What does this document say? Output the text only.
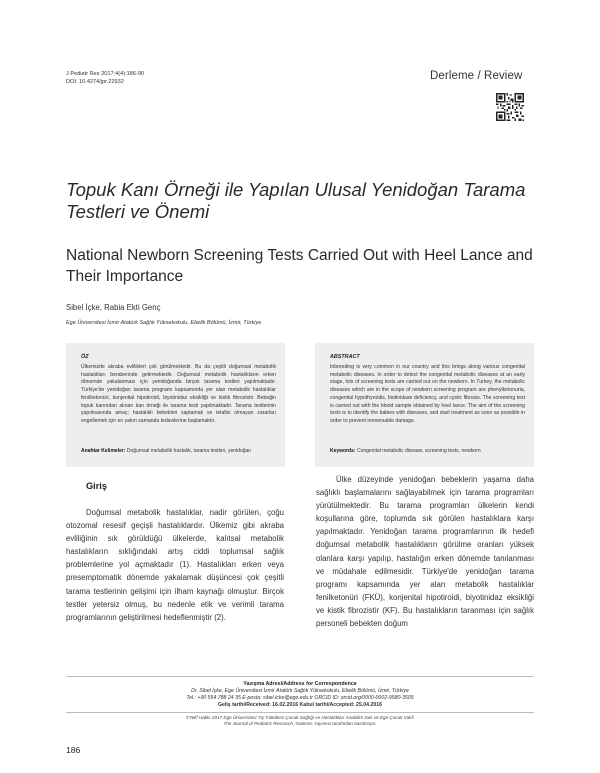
J Pediatr Res 2017;4(4):186-90
DOI: 10.4274/jpr.22932	Derleme / Review
Topuk Kanı Örneği ile Yapılan Ulusal Yenidoğan Tarama Testleri ve Önemi
National Newborn Screening Tests Carried Out with Heel Lance and Their Importance
Sibel İçke, Rabia Ekti Genç
Ege Üniversitesi İzmir Atatürk Sağlık Yüksekokulu, Ebelik Bölümü, İzmir, Türkiye
ÖZ
Ülkemizde akraba evlilikleri çok görülmektedir. Bu da çeşitli doğumsal metabolik hastalıkları beraberinde getirmektedir. Doğumsal metabolik hastalıkların erken dönemde yakalanması için yenidoğanda birçok tarama testleri yapılmaktadır. Türkiye'de yenidoğan tarama programı kapsamında yer alan metabolik hastalıklar fenilketonüri, konjenital hipotiroidi, biyotinidaz eksikliği ve kistik fibrozistir. Bebeğin topuk kanından alınan kan örneği ile tarama testi yapılmaktadır. Tarama testlerinin yapılmasında amaç; hastalıklı bebekleri saptamak ve telafisi olmayan zararları engellemek için en yakın zamanda tedavilerine başlamaktır.
Anahtar Kelimeler: Doğumsal metabolik hastalık, tarama testleri, yenidoğan
ABSTRACT
Inbreeding is very common in our country and this brings along various congenital metabolic diseases. In order to detect the congenital metabolic diseases at an early stage, lots of screening tests are carried out on the newborn. In Turkey, the metabolic diseases which are in the scope of newborn screening program are phenylketonuria, congenital hypothyroidis, biotinidase deficiency, and cystic fibrosis. The screening test is carried out with the blood sample obtained by heel lance. The aim of the screening tests is to identify the babies with diseases, and start treatment as soon as possible in order to prevent irreversable damage.
Keywords: Congenital metabolic disease, screening tests, newborn
Giriş
Doğumsal metabolik hastalıklar, nadir görülen, çoğu otozomal resesif geçişli hastalıklardır. Ülkemiz gibi akraba evliliğinin sık görüldüğü ülkelerde, kalıtsal metabolik hastalıkların sıklığındaki artış ciddi toplumsal sağlık problemlerine yol açmaktadır (1). Hastalıkları erken veya presemptomatik dönemde yakalamak düşüncesi çok çeşitli tarama testlerinin gelişimi için ilham kaynağı olmuştur. Birçok testler yetersiz olmuş, bu nedenle etik ve verimli tarama programlarının geliştirilmesi hedeflenmiştir (2).
Ülke düzeyinde yenidoğan bebeklerin yaşama daha sağlıklı başlamalarını sağlayabilmek için tarama programları yürütülmektedir. Bu tarama programları ülkelerin kendi koşullarına göre, toplumda sık görülen hastalıklara karşı yapılmaktadır. Yenidoğan tarama programlarının ilk hedefi doğumsal metabolik hastalıkların görülme oranları yüksek olanlara karşı yapılıp, hastalığın erken dönemde tanılanması ve müdahale edilmesidir. Türkiye'de yenidoğan tarama programı kapsamında yer alan metabolik hastalıklar fenilketonüri (FKÜ), konjenital hipotiroidi, biyotinidaz eksikliği ve kistik fibrozistir (KF). Bu hastalıkların taranması için sağlık personeli bebekten doğum
Yazışma Adresi/Address for Correspondence
Dr. Sibel İçke, Ege Üniversitesi İzmir Atatürk Sağlık Yüksekokulu, Ebelik Bölümü, İzmir, Türkiye
Tel.: +90 554 788 24 35 E-posta: sibel.icke@ege.edu.tr ORCID ID: orcid.org/0000-0002-9580-3505
Geliş tarihi/Received: 16.02.2016 Kabul tarihi/Accepted: 25.04.2016
©Telif Hakkı 2017 Ege Üniversitesi Tıp Fakültesi Çocuk Sağlığı ve Hastalıkları Anabilim Dalı ve Ege Çocuk Vakfı
The Journal of Pediatric Research, Galenos Yayınevi tarafından basılmıştır.
186
